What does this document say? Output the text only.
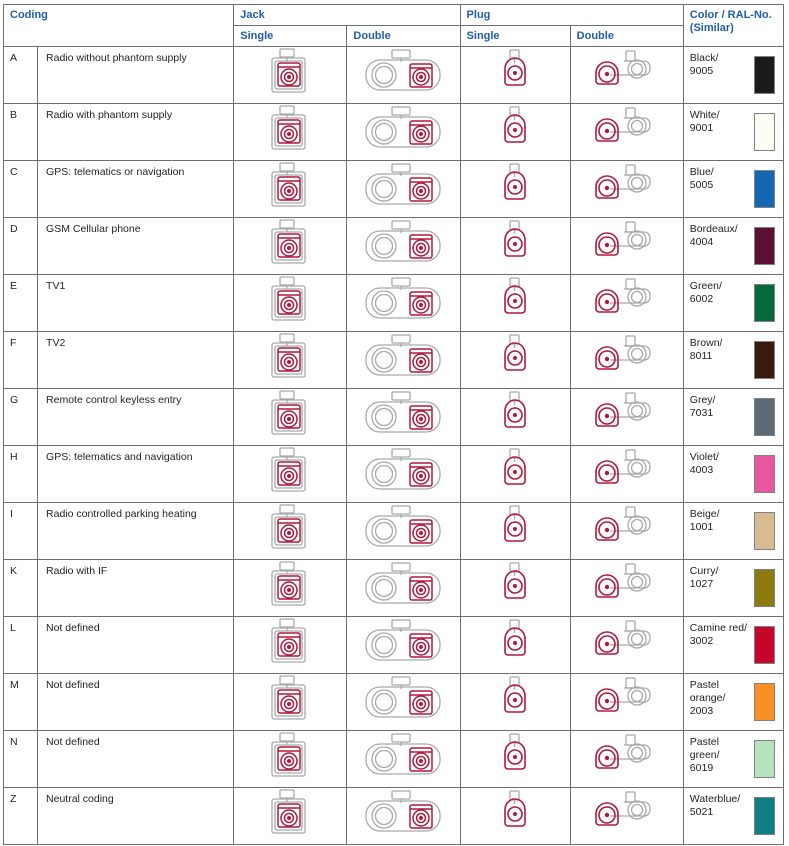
Coding		Jack		Plug		Color / RAL-No.
(Similar)

		Single	Double	Single	Double	

A	Radio without phantom supply					Black/
9005

B	Radio with phantom supply					White/
9001

C	GPS: telematics or navigation					Blue/
5005

D	GSM Cellular phone					Bordeaux/
4004

E	TV1					Green/
6002

F	TV2					Brown/
8011

G	Remote control keyless entry					Grey/
7031

H	GPS: telematics and navigation					Violet/
4003

I	Radio controlled parking heating					Beige/
1001

K	Radio with IF					Curry/
1027

L	Not defined					Camine red/
3002

M	Not defined					Pastel orange/
2003

N	Not defined					Pastel green/
6019

Z	Neutral coding					Waterblue/
5021
